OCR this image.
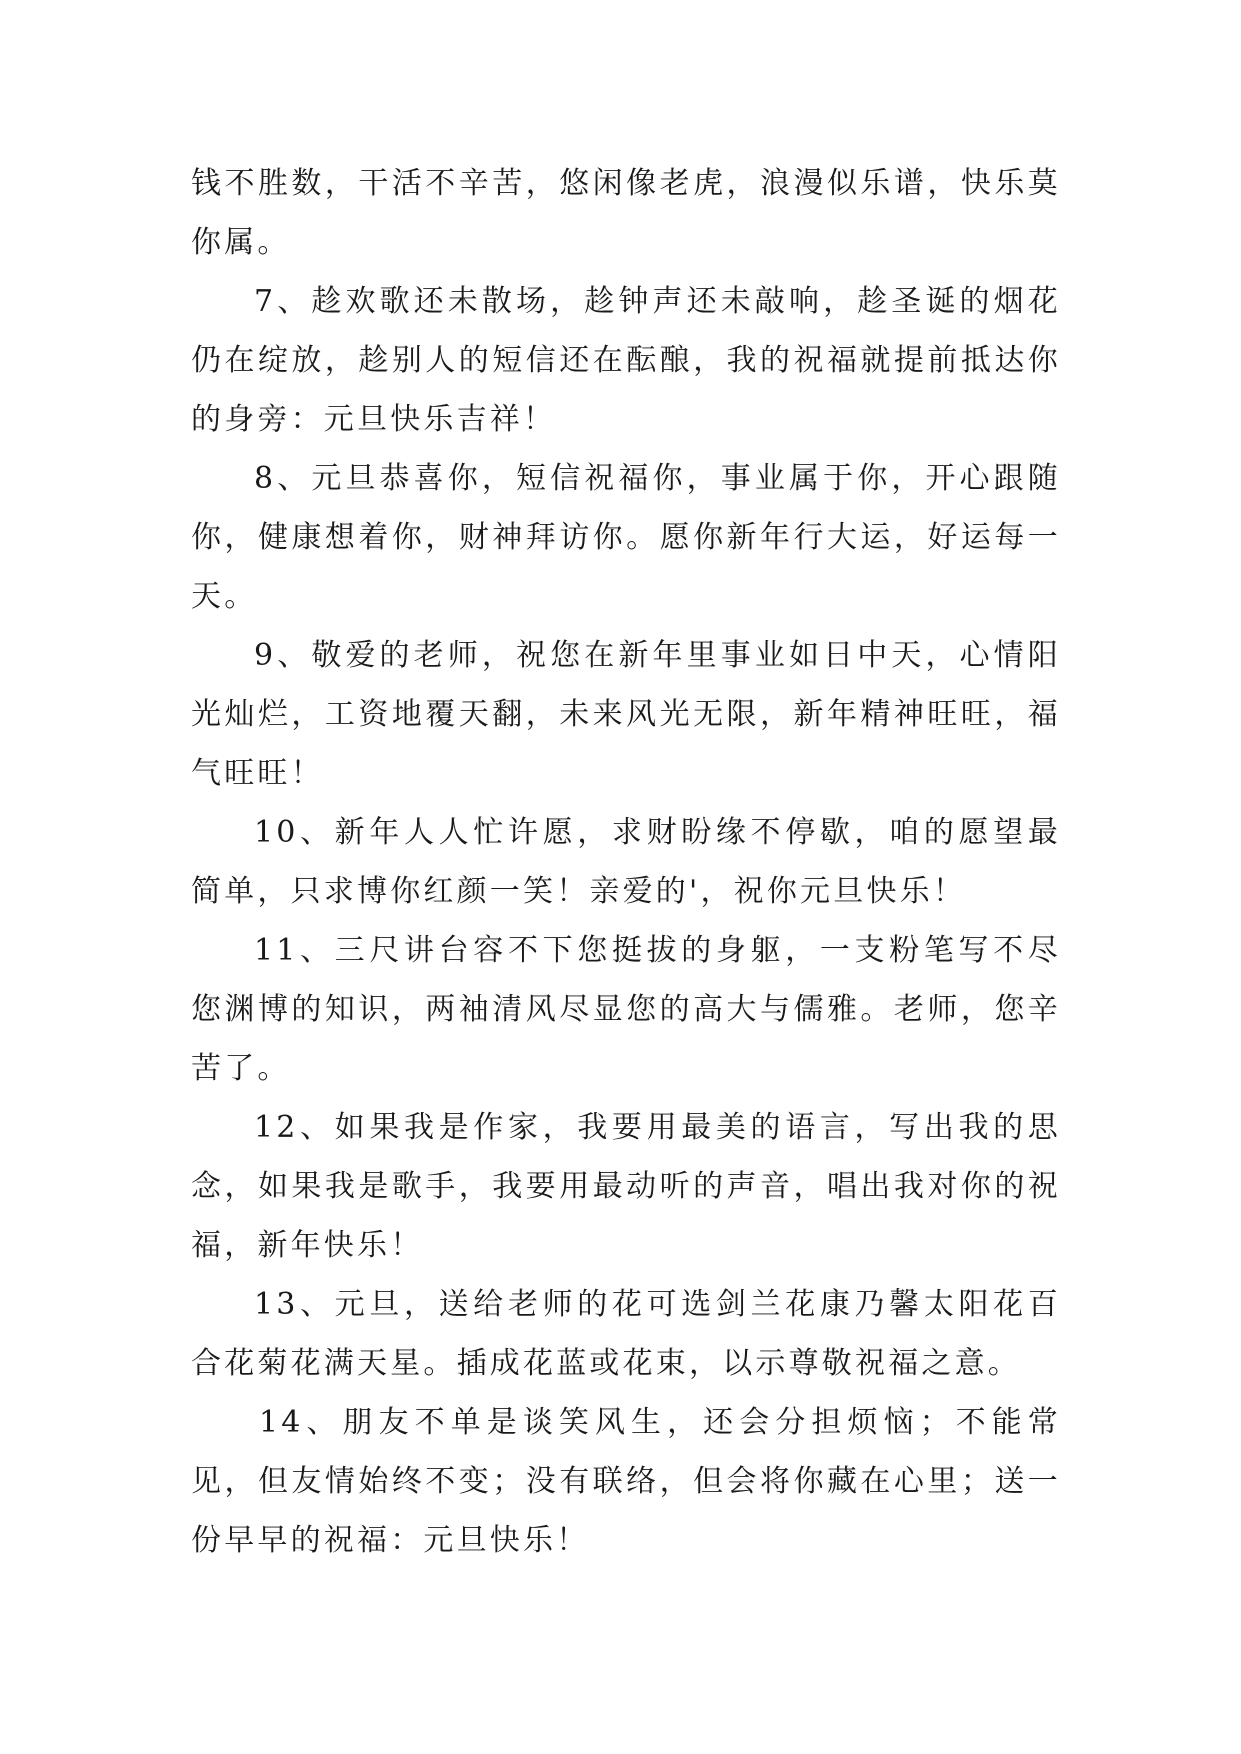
钱不胜数，干活不辛苦，悠闲像老虎，浪漫似乐谱，快乐莫你属。

7、趁欢歌还未散场，趁钟声还未敲响，趁圣诞的烟花仍在绽放，趁别人的短信还在酝酿，我的祝福就提前抵达你的身旁：元旦快乐吉祥！

8、元旦恭喜你，短信祝福你，事业属于你，开心跟随你，健康想着你，财神拜访你。愿你新年行大运，好运每一天。

9、敬爱的老师，祝您在新年里事业如日中天，心情阳光灿烂，工资地覆天翻，未来风光无限，新年精神旺旺，福气旺旺！

10、新年人人忙许愿，求财盼缘不停歇，咱的愿望最简单，只求博你红颜一笑！亲爱的'，祝你元旦快乐！

11、三尺讲台容不下您挺拔的身躯，一支粉笔写不尽您渊博的知识，两袖清风尽显您的高大与儒雅。老师，您辛苦了。

12、如果我是作家，我要用最美的语言，写出我的思念，如果我是歌手，我要用最动听的声音，唱出我对你的祝福，新年快乐！

13、元旦，送给老师的花可选剑兰花康乃馨太阳花百合花菊花满天星。插成花蓝或花束，以示尊敬祝福之意。

14、朋友不单是谈笑风生，还会分担烦恼；不能常见，但友情始终不变；没有联络，但会将你藏在心里；送一份早早的祝福：元旦快乐！
